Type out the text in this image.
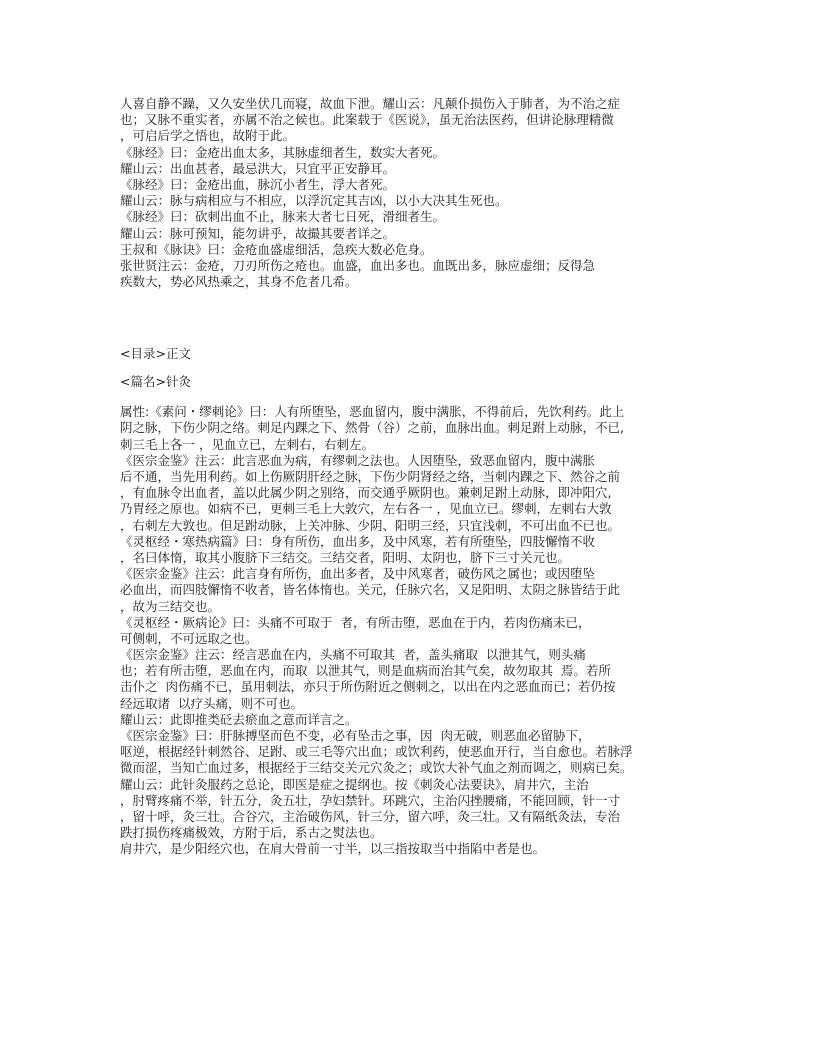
人喜自静不躁，又久安坐伏几而寝，故血下泄。耀山云：凡颠仆损伤入于肺者，为不治之症
也；又脉不重实者，亦属不治之候也。此案载于《医说》，虽无治法医药，但讲论脉理精微
，可启后学之悟也，故附于此。
《脉经》曰：金疮出血太多，其脉虚细者生，数实大者死。
耀山云：出血甚者，最忌洪大，只宜平正安静耳。
《脉经》曰：金疮出血，脉沉小者生，浮大者死。
耀山云：脉与病相应与不相应，以浮沉定其吉凶，以小大决其生死也。
《脉经》曰：砍刺出血不止，脉来大者七日死，滑细者生。
耀山云：脉可预知，能勿讲乎，故撮其要者详之。
王叔和《脉诀》曰：金疮血盛虚细活，急疾大数必危身。
张世贤注云：金疮，刀刃所伤之疮也。血盛，血出多也。血既出多，脉应虚细；反得急
疾数大，势必风热乘之，其身不危者几希。
<目录>正文
<篇名>针灸
属性:《素问・缪刺论》曰：人有所堕坠，恶血留内，腹中满胀，不得前后，先饮利药。此上
阴之脉，下伤少阴之络。刺足内踝之下、然骨（谷）之前，血脉出血。刺足跗上动脉，不已,
刺三毛上各一 ，见血立已，左刺右，右刺左。
《医宗金鉴》注云：此言恶血为病，有缪刺之法也。人因堕坠，致恶血留内，腹中满胀
后不通，当先用利药。如上伤厥阴肝经之脉，下伤少阴肾经之络，当刺内踝之下、然谷之前
，有血脉令出血者，盖以此属少阴之别络，而交通乎厥阴也。兼刺足跗上动脉，即冲阳穴,
乃胃经之原也。如病不已，更刺三毛上大敦穴，左右各一 ，见血立已。缪刺，左刺右大敦
，右刺左大敦也。但足跗动脉，上关冲脉、少阴、阳明三经，只宜浅刺，不可出血不已也。
《灵枢经・寒热病篇》曰：身有所伤，血出多，及中风寒，若有所堕坠，四肢懈惰不收
，名曰体惰，取其小腹脐下三结交。三结交者，阳明、太阴也，脐下三寸关元也。
《医宗金鉴》注云：此言身有所伤，血出多者，及中风寒者，破伤风之属也；或因堕坠
必血出，而四肢懈惰不收者，皆名体惰也。关元，任脉穴名，又足阳明、太阴之脉皆结于此
，故为三结交也。
《灵枢经・厥病论》曰：头痛不可取于  者，有所击堕，恶血在于内，若肉伤痛未已，
可侧刺，不可远取之也。
《医宗金鉴》注云：经言恶血在内，头痛不可取其  者，盖头痛取  以泄其气，则头痛
也；若有所击堕，恶血在内，而取  以泄其气，则是血病而治其气矣，故勿取其  焉。若所
击仆之  肉伤痛不已，虽用刺法，亦只于所伤附近之侧刺之，以出在内之恶血而已；若仍按
经远取诸  以疗头痛，则不可也。
耀山云：此即推类砭去瘀血之意而详言之。
《医宗金鉴》曰：肝脉搏坚而色不变，必有坠击之事，因  肉无破，则恶血必留胁下，
呕逆，根据经针刺然谷、足跗、或三毛等穴出血；或饮利药，使恶血开行，当自愈也。若脉浮
微而涩，当知亡血过多，根据经于三结交关元穴灸之；或饮大补气血之剂而调之，则病已矣。
耀山云：此针灸服药之总论，即医是症之提纲也。按《刺灸心法要诀》，肩井穴，主治
，肘臂疼痛不举，针五分，灸五壮，孕妇禁针。环跳穴，主治闪挫腰痛，不能回顾，针一寸
，留十呼，灸三壮。合谷穴，主治破伤风，针三分，留六呼，灸三壮。又有隔纸灸法，专治
跌打损伤疼痛极效，方附于后，系古之熨法也。
肩井穴，是少阳经穴也，在肩大骨前一寸半，以三指按取当中指陷中者是也。
